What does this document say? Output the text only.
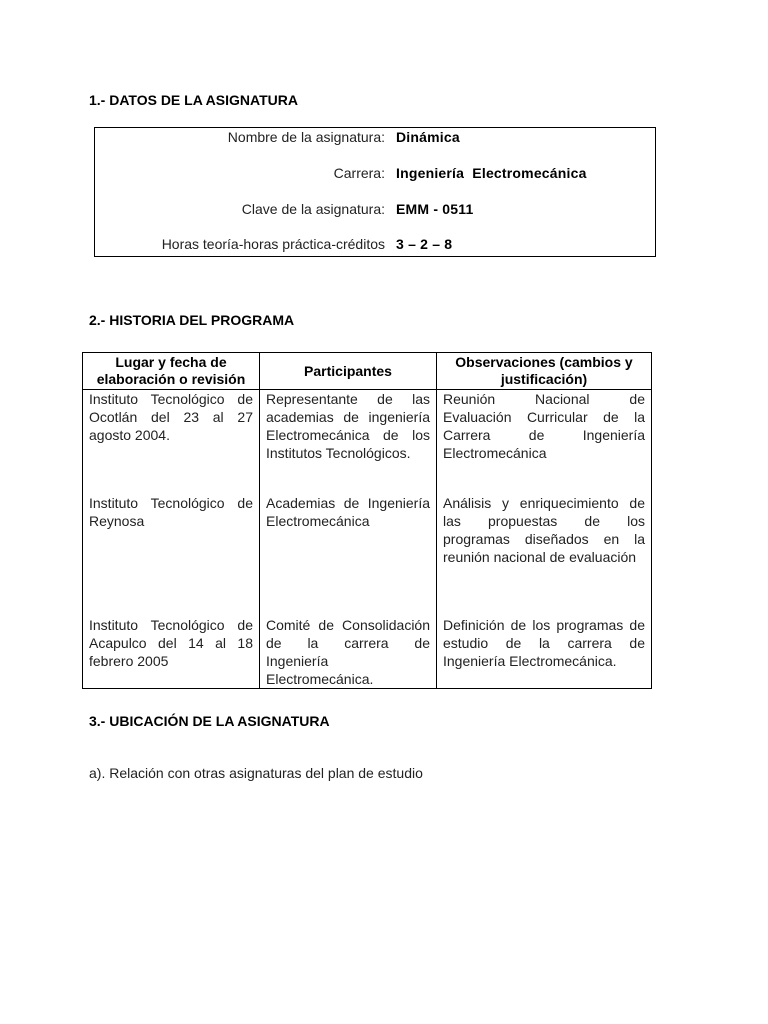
1.- DATOS DE LA ASIGNATURA
Nombre de la asignatura: Dinámica
Carrera: Ingeniería  Electromecánica
Clave de la asignatura: EMM - 0511
Horas teoría-horas práctica-créditos 3 – 2 – 8
2.- HISTORIA DEL PROGRAMA
Lugar y fecha de elaboración o revisión	Participantes	Observaciones (cambios y justificación)
Instituto Tecnológico de Ocotlán del 23 al 27 agosto 2004.	Representante de las academias de ingeniería Electromecánica de los Institutos Tecnológicos.	Reunión Nacional de Evaluación Curricular de la Carrera de Ingeniería Electromecánica
Instituto Tecnológico de Reynosa	Academias de Ingeniería Electromecánica	Análisis y enriquecimiento de las propuestas de los programas diseñados en la reunión nacional de evaluación
Instituto Tecnológico de Acapulco del 14 al 18 febrero 2005	Comité de Consolidación de la carrera de Ingeniería Electromecánica.	Definición de los programas de estudio de la carrera de Ingeniería Electromecánica.
3.- UBICACIÓN DE LA ASIGNATURA

a). Relación con otras asignaturas del plan de estudio
